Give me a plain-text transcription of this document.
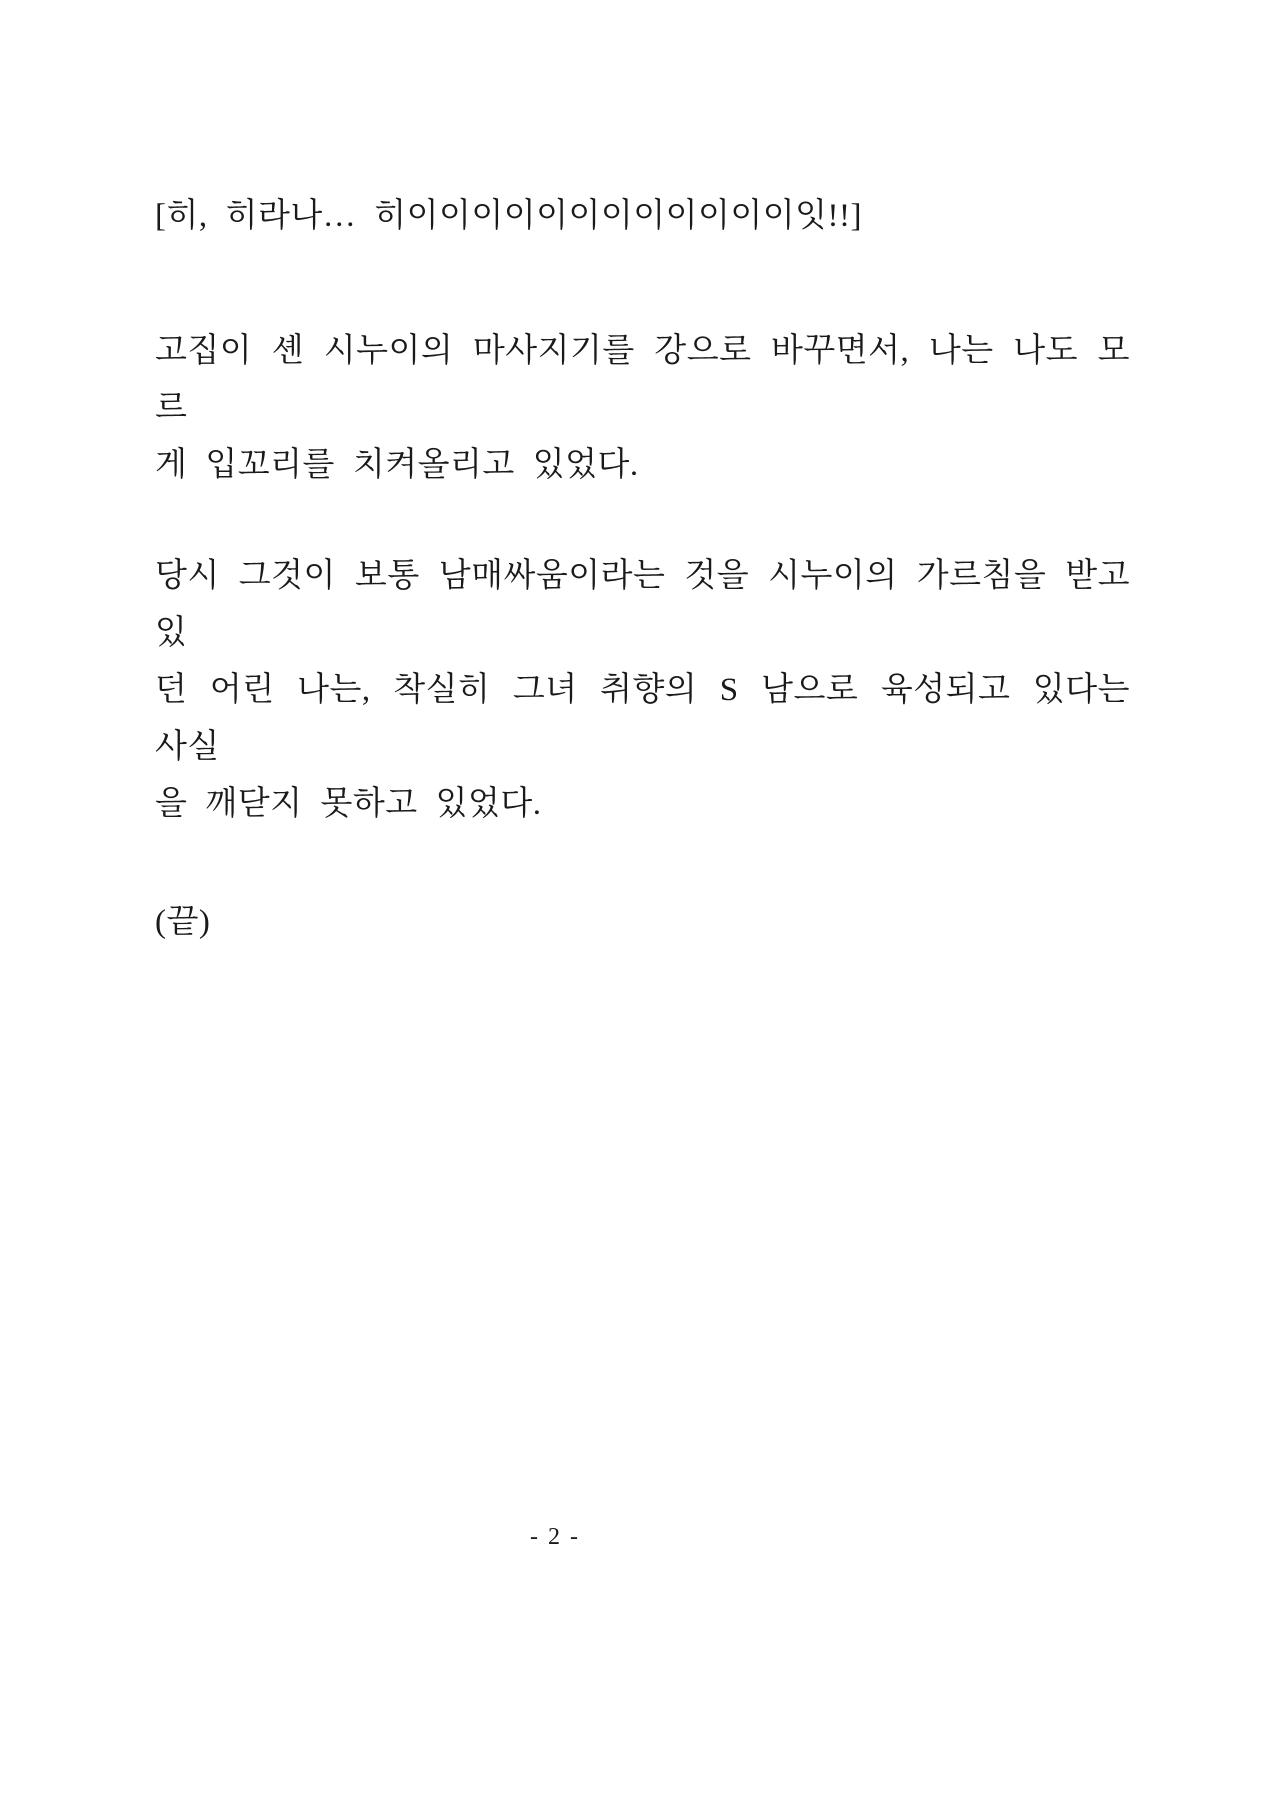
[히, 히라나… 히이이이이이이이이이이이이잇!!]
고집이 셴 시누이의 마사지기를 강으로 바꾸면서, 나는 나도 모르
게 입꼬리를 치켜올리고 있었다.
당시 그것이 보통 남매싸움이라는 것을 시누이의 가르침을 받고 있
던 어린 나는, 착실히 그녀 취향의 S 남으로 육성되고 있다는 사실
을 깨닫지 못하고 있었다.
(끝)
- 2 -
